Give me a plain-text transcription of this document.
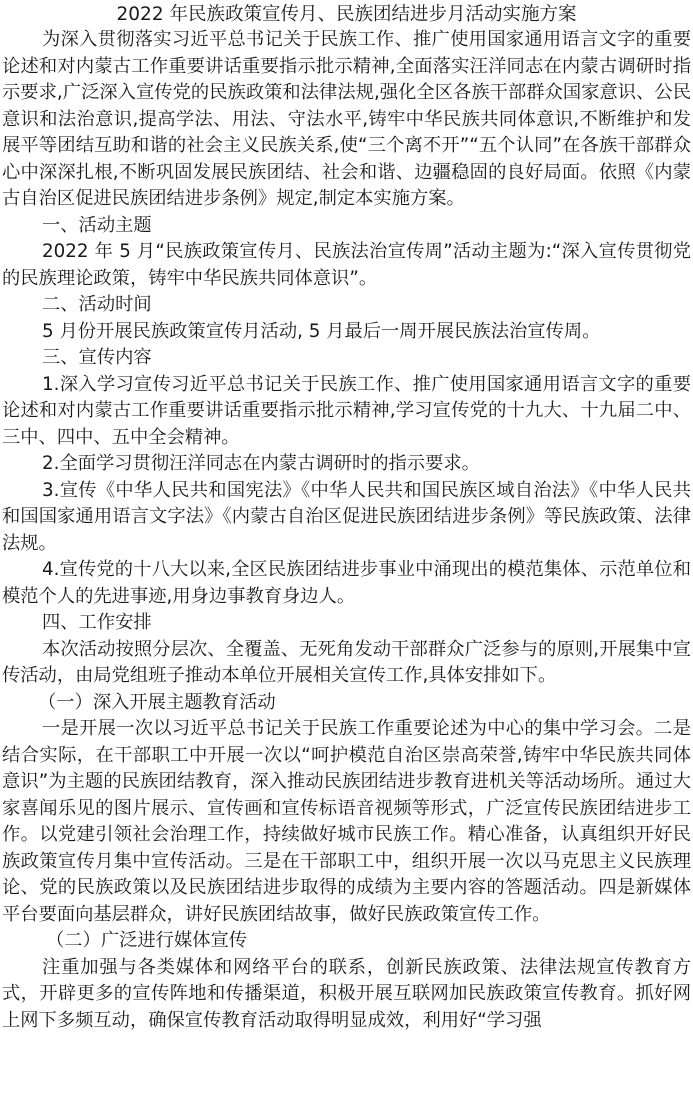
2022 年民族政策宣传月、民族团结进步月活动实施方案

为深入贯彻落实习近平总书记关于民族工作、推广使用国家通用语言文字的重要论述和对内蒙古工作重要讲话重要指示批示精神,全面落实汪洋同志在内蒙古调研时指示要求,广泛深入宣传党的民族政策和法律法规,强化全区各族干部群众国家意识、公民意识和法治意识,提高学法、用法、守法水平,铸牢中华民族共同体意识,不断维护和发展平等团结互助和谐的社会主义民族关系,使“三个离不开”“五个认同”在各族干部群众心中深深扎根,不断巩固发展民族团结、社会和谐、边疆稳固的良好局面。依照《内蒙古自治区促进民族团结进步条例》规定,制定本实施方案。

一、活动主题

2022 年 5 月“民族政策宣传月、民族法治宣传周”活动主题为:“深入宣传贯彻党的民族理论政策，铸牢中华民族共同体意识”。

二、活动时间

5 月份开展民族政策宣传月活动, 5 月最后一周开展民族法治宣传周。

三、宣传内容

1.深入学习宣传习近平总书记关于民族工作、推广使用国家通用语言文字的重要论述和对内蒙古工作重要讲话重要指示批示精神,学习宣传党的十九大、十九届二中、三中、四中、五中全会精神。

2.全面学习贯彻汪洋同志在内蒙古调研时的指示要求。

3.宣传《中华人民共和国宪法》《中华人民共和国民族区域自治法》《中华人民共和国国家通用语言文字法》《内蒙古自治区促进民族团结进步条例》等民族政策、法律法规。

4.宣传党的十八大以来,全区民族团结进步事业中涌现出的模范集体、示范单位和模范个人的先进事迹,用身边事教育身边人。

四、工作安排

本次活动按照分层次、全覆盖、无死角发动干部群众广泛参与的原则,开展集中宣传活动，由局党组班子推动本单位开展相关宣传工作,具体安排如下。

（一）深入开展主题教育活动

一是开展一次以习近平总书记关于民族工作重要论述为中心的集中学习会。二是结合实际，在干部职工中开展一次以“呵护模范自治区崇高荣誉,铸牢中华民族共同体意识”为主题的民族团结教育，深入推动民族团结进步教育进机关等活动场所。通过大家喜闻乐见的图片展示、宣传画和宣传标语音视频等形式，广泛宣传民族团结进步工作。以党建引领社会治理工作，持续做好城市民族工作。精心准备，认真组织开好民族政策宣传月集中宣传活动。三是在干部职工中，组织开展一次以马克思主义民族理论、党的民族政策以及民族团结进步取得的成绩为主要内容的答题活动。四是新媒体平台要面向基层群众，讲好民族团结故事，做好民族政策宣传工作。

（二）广泛进行媒体宣传

注重加强与各类媒体和网络平台的联系，创新民族政策、法律法规宣传教育方式，开辟更多的宣传阵地和传播渠道，积极开展互联网加民族政策宣传教育。抓好网上网下多频互动，确保宣传教育活动取得明显成效，利用好“学习强
